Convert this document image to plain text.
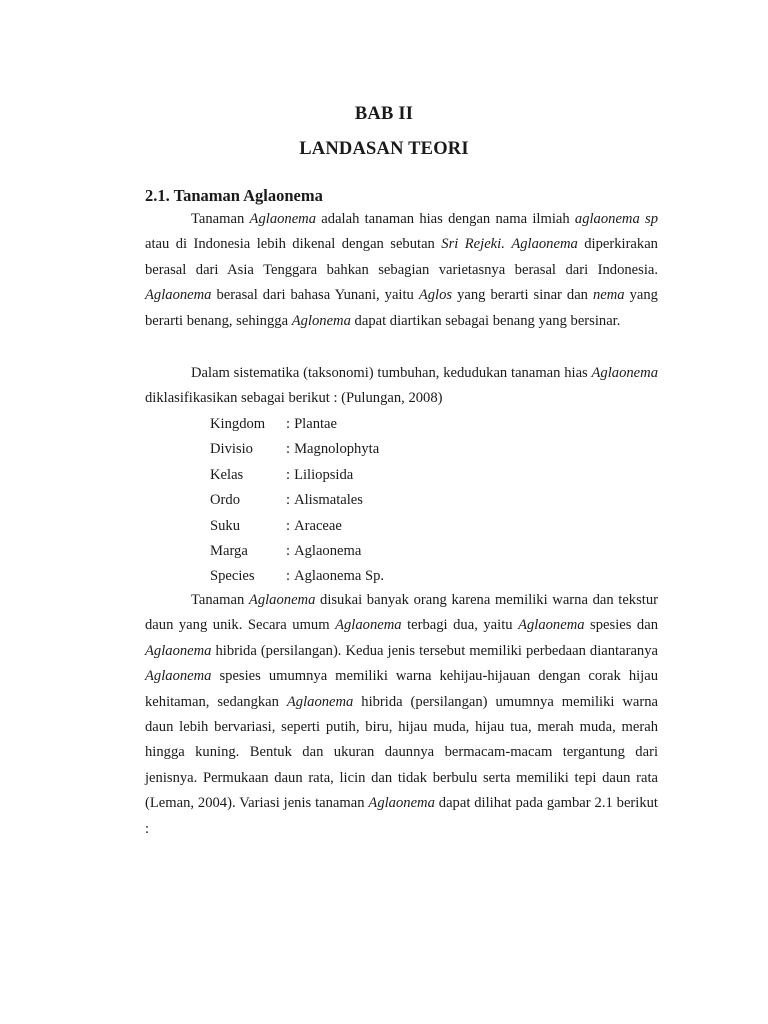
BAB II
LANDASAN TEORI
2.1. Tanaman Aglaonema

Tanaman Aglaonema adalah tanaman hias dengan nama ilmiah aglaonema sp atau di Indonesia lebih dikenal dengan sebutan Sri Rejeki. Aglaonema diperkirakan berasal dari Asia Tenggara bahkan sebagian varietasnya berasal dari Indonesia. Aglaonema berasal dari bahasa Yunani, yaitu Aglos yang berarti sinar dan nema yang berarti benang, sehingga Aglonema dapat diartikan sebagai benang yang bersinar.

Dalam sistematika (taksonomi) tumbuhan, kedudukan tanaman hias Aglaonema diklasifikasikan sebagai berikut : (Pulungan, 2008)

Kingdom	:	Plantae
Divisio	:	Magnolophyta
Kelas	:	Liliopsida
Ordo	:	Alismatales
Suku	:	Araceae
Marga	:	Aglaonema
Species	:	Aglaonema Sp.

Tanaman Aglaonema disukai banyak orang karena memiliki warna dan tekstur daun yang unik. Secara umum Aglaonema terbagi dua, yaitu Aglaonema spesies dan Aglaonema hibrida (persilangan). Kedua jenis tersebut memiliki perbedaan diantaranya Aglaonema spesies umumnya memiliki warna kehijau-hijauan dengan corak hijau kehitaman, sedangkan Aglaonema hibrida (persilangan) umumnya memiliki warna daun lebih bervariasi, seperti putih, biru, hijau muda, hijau tua, merah muda, merah hingga kuning. Bentuk dan ukuran daunnya bermacam-macam tergantung dari jenisnya. Permukaan daun rata, licin dan tidak berbulu serta memiliki tepi daun rata (Leman, 2004). Variasi jenis tanaman Aglaonema dapat dilihat pada gambar 2.1 berikut :
